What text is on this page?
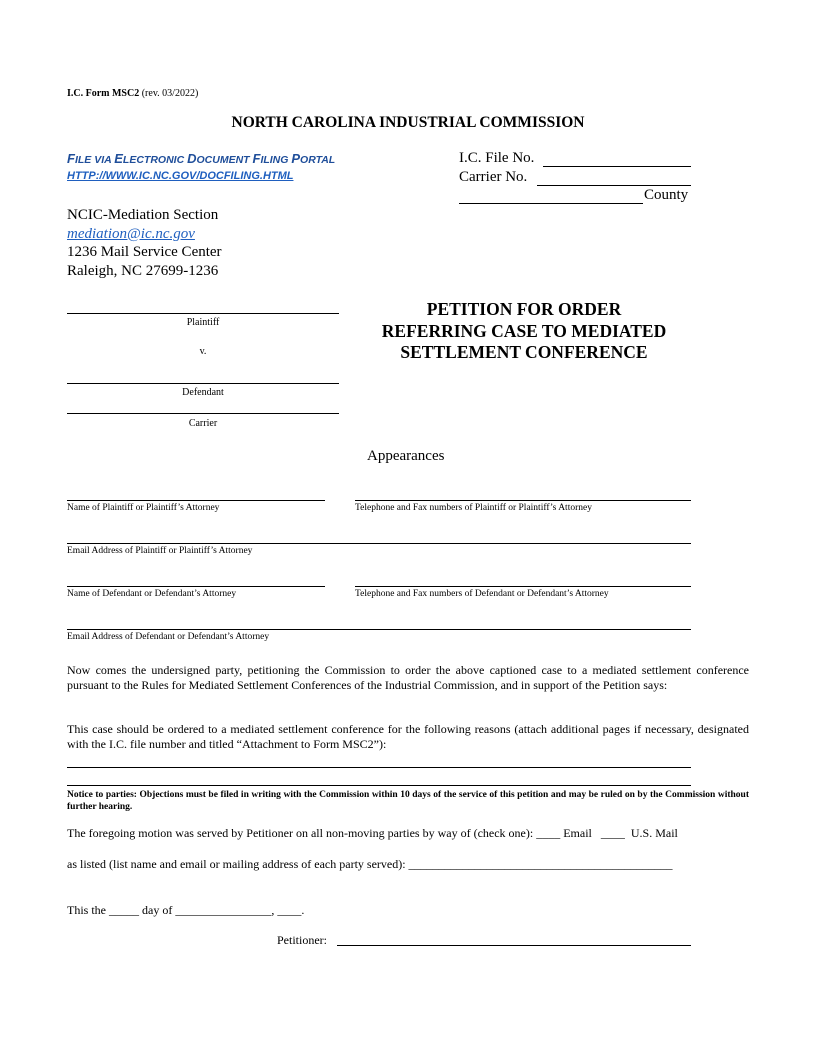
I.C. Form MSC2 (rev. 03/2022)
NORTH CAROLINA INDUSTRIAL COMMISSION
FILE VIA ELECTRONIC DOCUMENT FILING PORTAL
HTTP://WWW.IC.NC.GOV/DOCFILING.HTML
I.C. File No.
Carrier No.
County
NCIC-Mediation Section
mediation@ic.nc.gov
1236 Mail Service Center
Raleigh, NC 27699-1236
Plaintiff
v.
Defendant
Carrier
PETITION FOR ORDER
REFERRING CASE TO MEDIATED
SETTLEMENT CONFERENCE
Appearances
Name of Plaintiff or Plaintiff’s Attorney	Telephone and Fax numbers of Plaintiff or Plaintiff’s Attorney
Email Address of Plaintiff or Plaintiff’s Attorney
Name of Defendant or Defendant’s Attorney	Telephone and Fax numbers of Defendant or Defendant’s Attorney
Email Address of Defendant or Defendant’s Attorney
Now comes the undersigned party, petitioning the Commission to order the above captioned case to a mediated settlement conference pursuant to the Rules for Mediated Settlement Conferences of the Industrial Commission, and in support of the Petition says:
This case should be ordered to a mediated settlement conference for the following reasons (attach additional pages if necessary, designated with the I.C. file number and titled “Attachment to Form MSC2”):
Notice to parties: Objections must be filed in writing with the Commission within 10 days of the service of this petition and may be ruled on by the Commission without further hearing.
The foregoing motion was served by Petitioner on all non-moving parties by way of (check one): ____ Email   ____  U.S. Mail
as listed (list name and email or mailing address of each party served): ____________________________________________
This the _____ day of ________________, ____.
Petitioner:
